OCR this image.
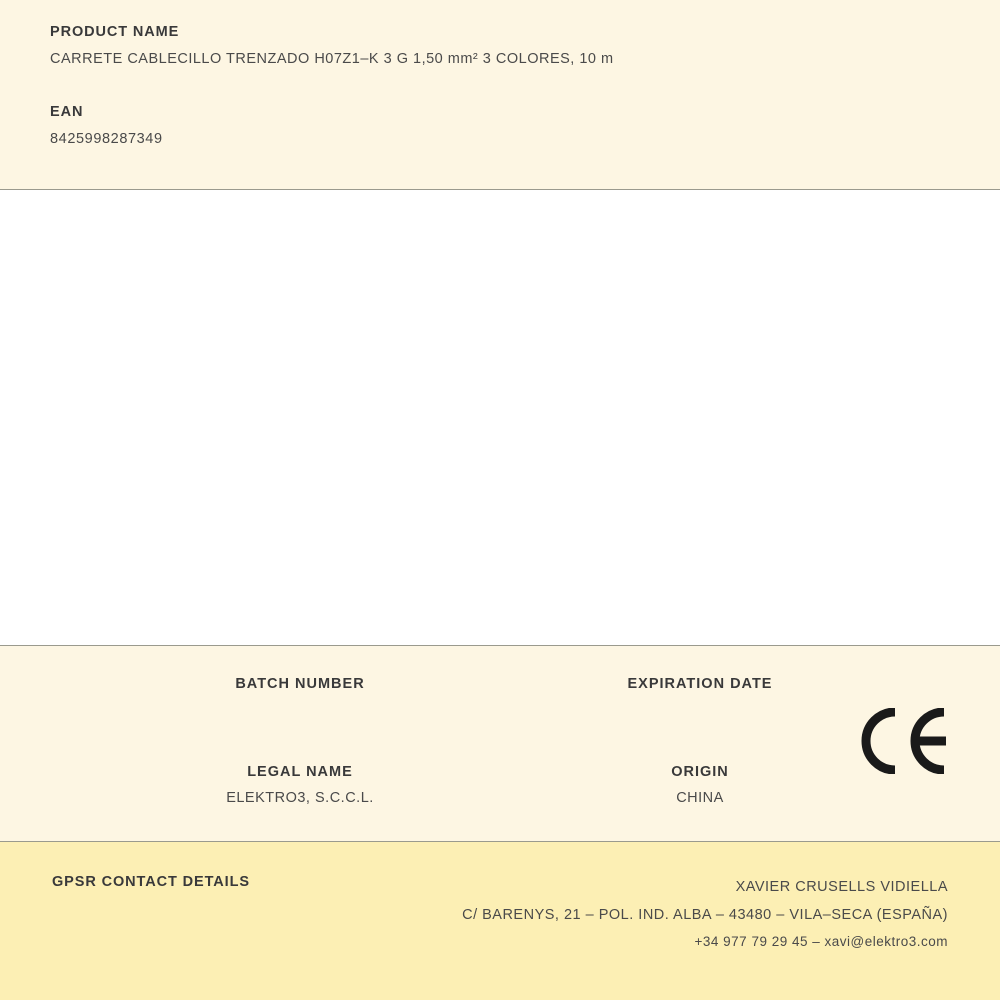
PRODUCT NAME
CARRETE CABLECILLO TRENZADO H07Z1–K 3 G 1,50 mm² 3 COLORES, 10 m
EAN
8425998287349
BATCH NUMBER	EXPIRATION DATE
LEGAL NAME
ELEKTRO3, S.C.C.L.
ORIGIN
CHINA
GPSR CONTACT DETAILS	XAVIER CRUSELLS VIDIELLA
C/ BARENYS, 21 – POL. IND. ALBA – 43480 – VILA–SECA (ESPAÑA)
+34 977 79 29 45 – xavi@elektro3.com
